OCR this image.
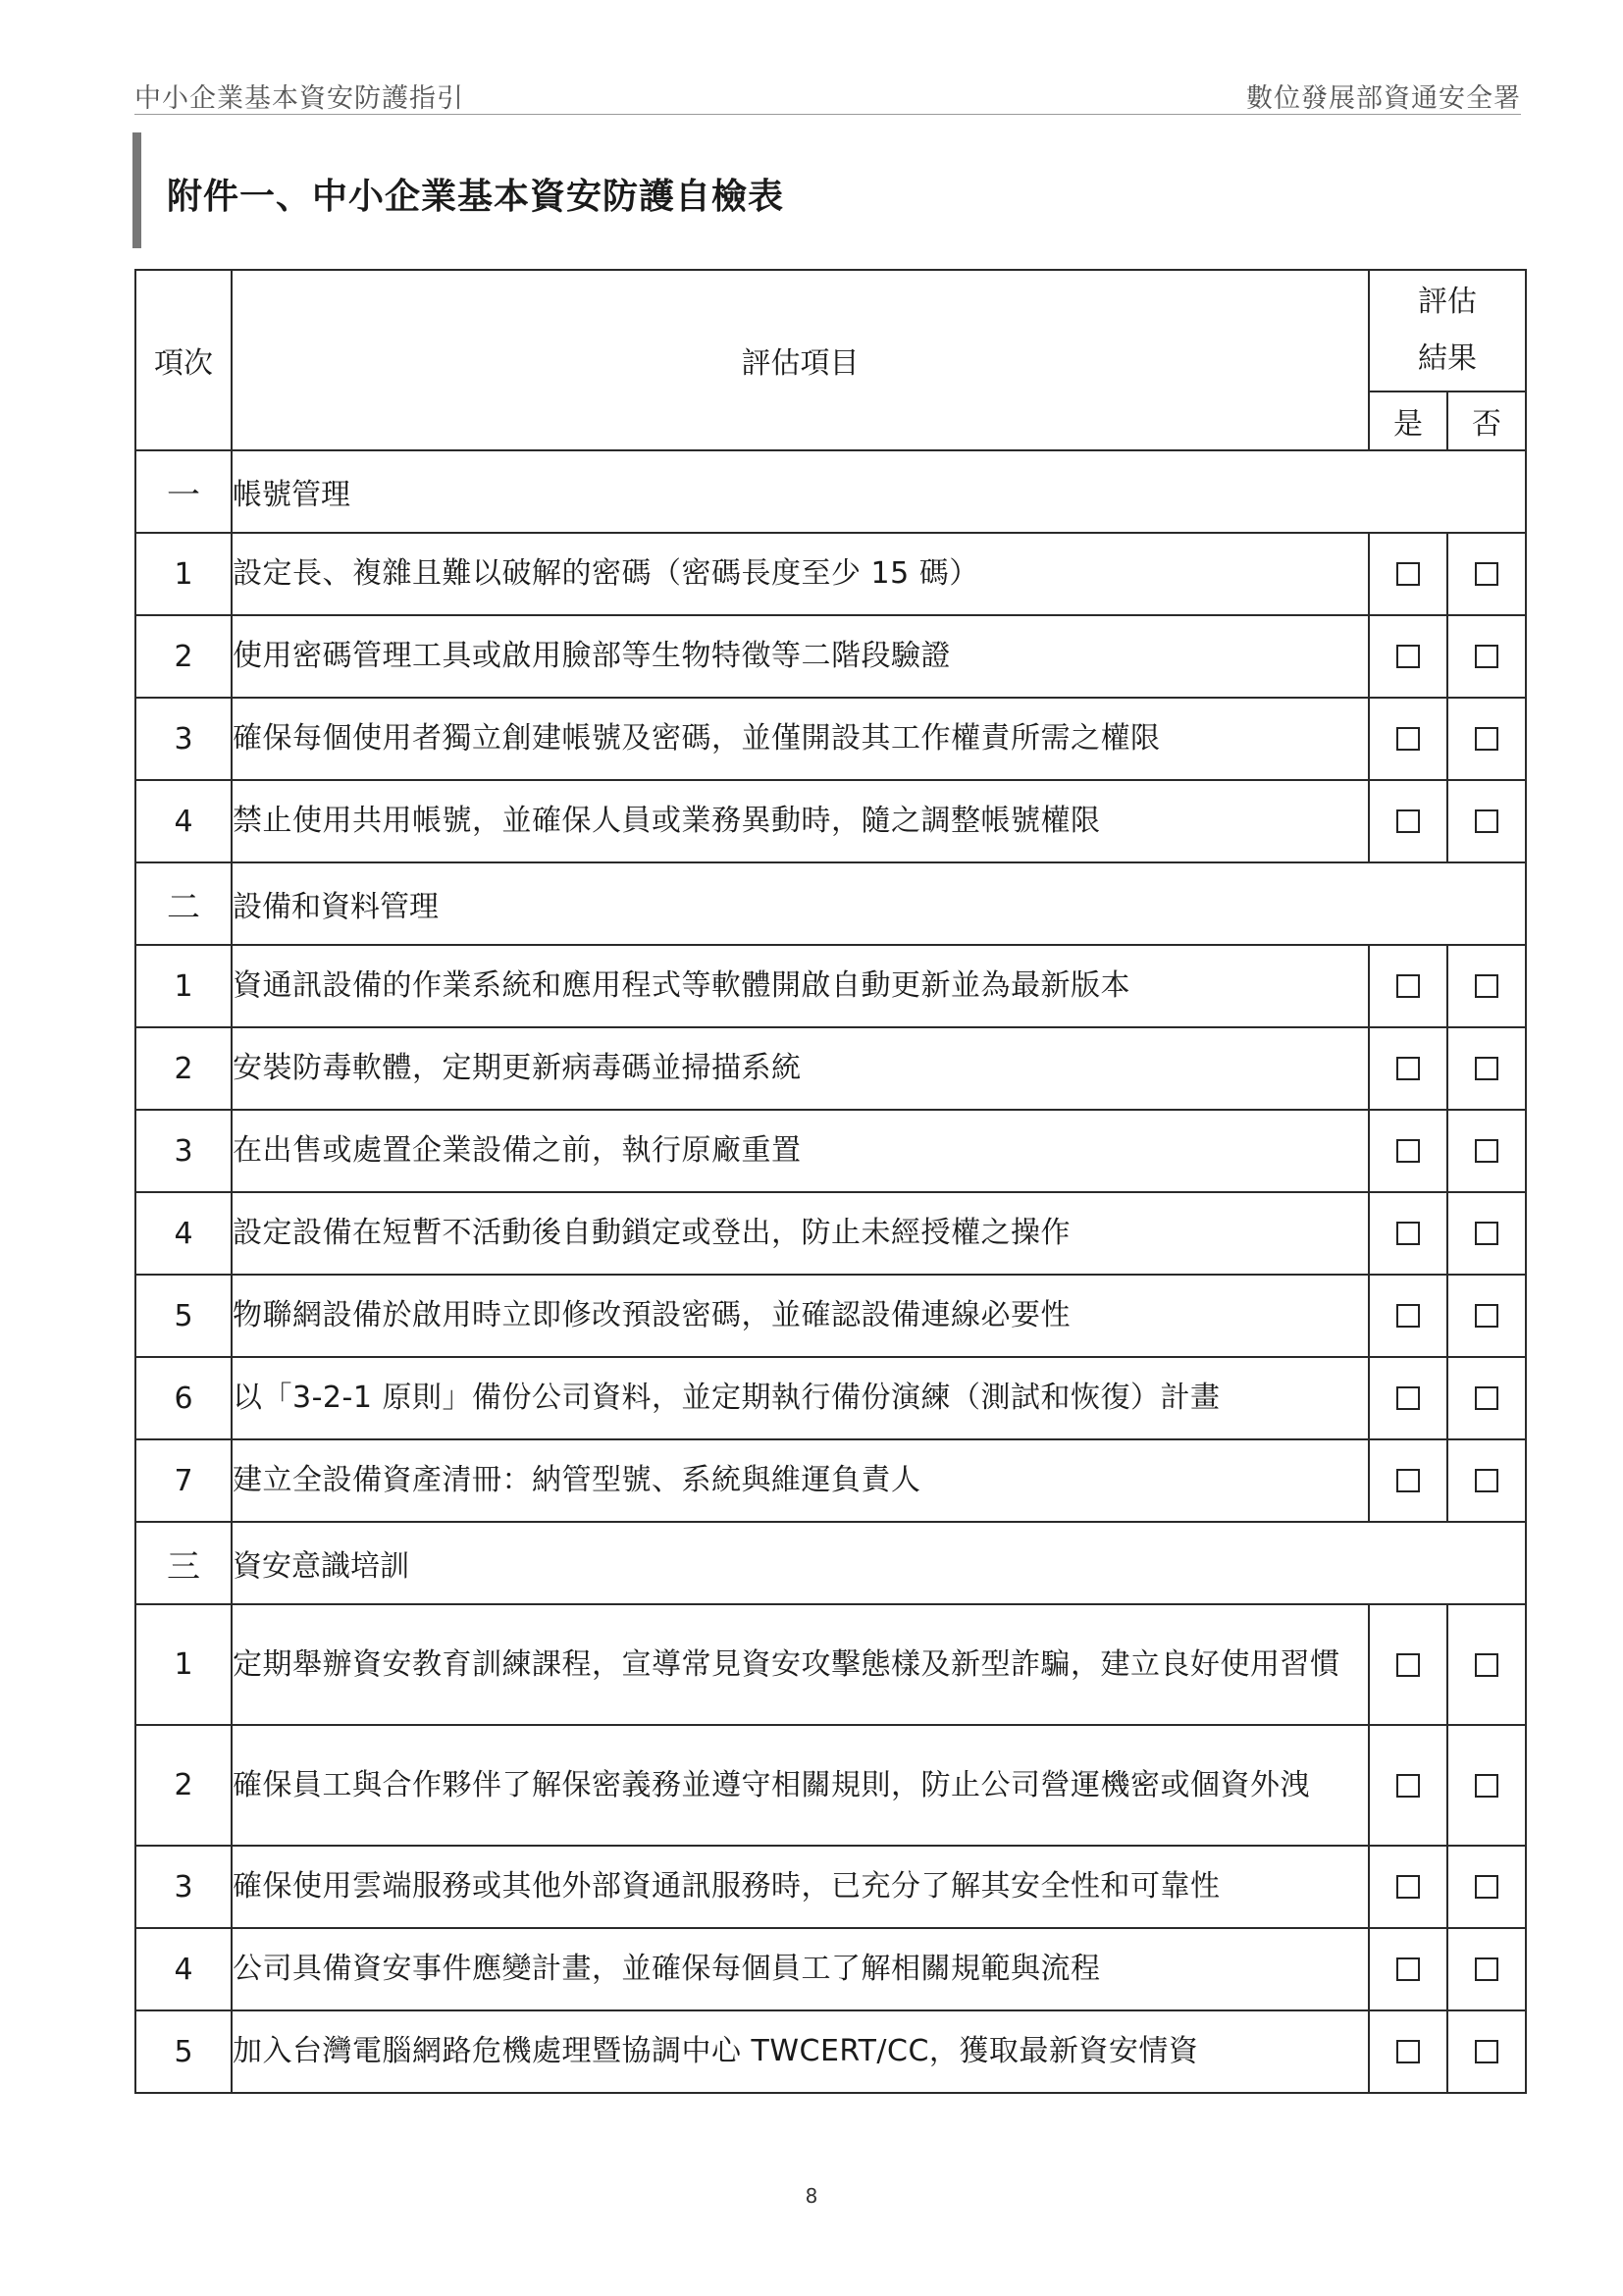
中小企業基本資安防護指引	數位發展部資通安全署
附件一、中小企業基本資安防護自檢表
項次	評估項目	評估
結果	
		是	否
一	帳號管理		
1	設定長、複雜且難以破解的密碼（密碼長度至少 15 碼）		
2	使用密碼管理工具或啟用臉部等生物特徵等二階段驗證		
3	確保每個使用者獨立創建帳號及密碼，並僅開設其工作權責所需之權限		
4	禁止使用共用帳號，並確保人員或業務異動時，隨之調整帳號權限		
二	設備和資料管理		
1	資通訊設備的作業系統和應用程式等軟體開啟自動更新並為最新版本		
2	安裝防毒軟體，定期更新病毒碼並掃描系統		
3	在出售或處置企業設備之前，執行原廠重置		
4	設定設備在短暫不活動後自動鎖定或登出，防止未經授權之操作		
5	物聯網設備於啟用時立即修改預設密碼，並確認設備連線必要性		
6	以「3-2-1 原則」備份公司資料，並定期執行備份演練（測試和恢復）計畫		
7	建立全設備資產清冊：納管型號、系統與維運負責人		
三	資安意識培訓		
1	定期舉辦資安教育訓練課程，宣導常見資安攻擊態樣及新型詐騙，建立良好使用習慣		
2	確保員工與合作夥伴了解保密義務並遵守相關規則，防止公司營運機密或個資外洩		
3	確保使用雲端服務或其他外部資通訊服務時，已充分了解其安全性和可靠性		
4	公司具備資安事件應變計畫，並確保每個員工了解相關規範與流程		
5	加入台灣電腦網路危機處理暨協調中心 TWCERT/CC，獲取最新資安情資		
8
